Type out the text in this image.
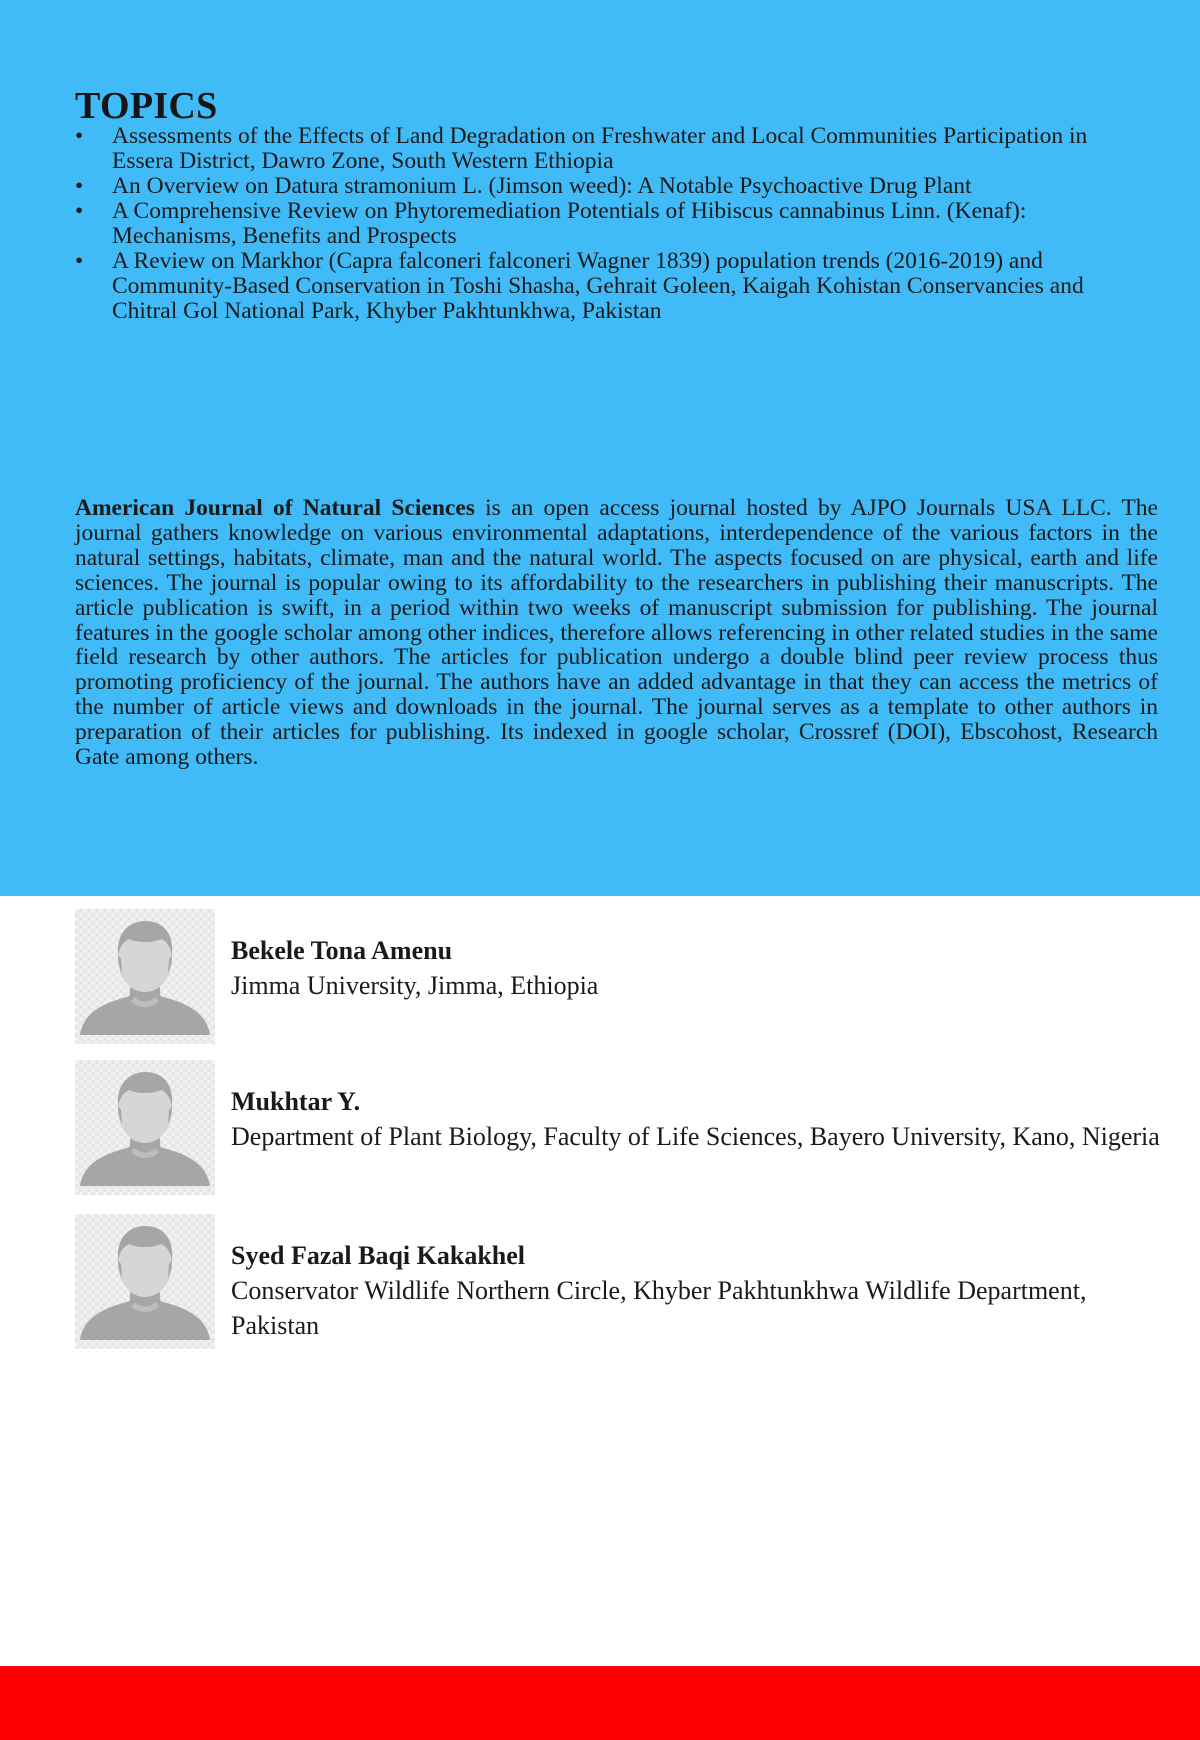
TOPICS
• Assessments of the Effects of Land Degradation on Freshwater and Local Communities Participation in Essera District, Dawro Zone, South Western Ethiopia
• An Overview on Datura stramonium L. (Jimson weed): A Notable Psychoactive Drug Plant
• A Comprehensive Review on Phytoremediation Potentials of Hibiscus cannabinus Linn. (Kenaf): Mechanisms, Benefits and Prospects
• A Review on Markhor (Capra falconeri falconeri Wagner 1839) population trends (2016-2019) and Community-Based Conservation in Toshi Shasha, Gehrait Goleen, Kaigah Kohistan Conservancies and Chitral Gol National Park, Khyber Pakhtunkhwa, Pakistan

American Journal of Natural Sciences is an open access journal hosted by AJPO Journals USA LLC. The journal gathers knowledge on various environmental adaptations, interdependence of the various factors in the natural settings, habitats, climate, man and the natural world. The aspects focused on are physical, earth and life sciences. The journal is popular owing to its affordability to the researchers in publishing their manuscripts. The article publication is swift, in a period within two weeks of manuscript submission for publishing. The journal features in the google scholar among other indices, therefore allows referencing in other related studies in the same field research by other authors. The articles for publication undergo a double blind peer review process thus promoting proficiency of the journal. The authors have an added advantage in that they can access the metrics of the number of article views and downloads in the journal. The journal serves as a template to other authors in preparation of their articles for publishing. Its indexed in google scholar, Crossref (DOI), Ebscohost, Research Gate among others.

Bekele Tona Amenu
Jimma University, Jimma, Ethiopia
Mukhtar Y.
Department of Plant Biology, Faculty of Life Sciences, Bayero University, Kano, Nigeria
Syed Fazal Baqi Kakakhel
Conservator Wildlife Northern Circle, Khyber Pakhtunkhwa Wildlife Department, Pakistan
